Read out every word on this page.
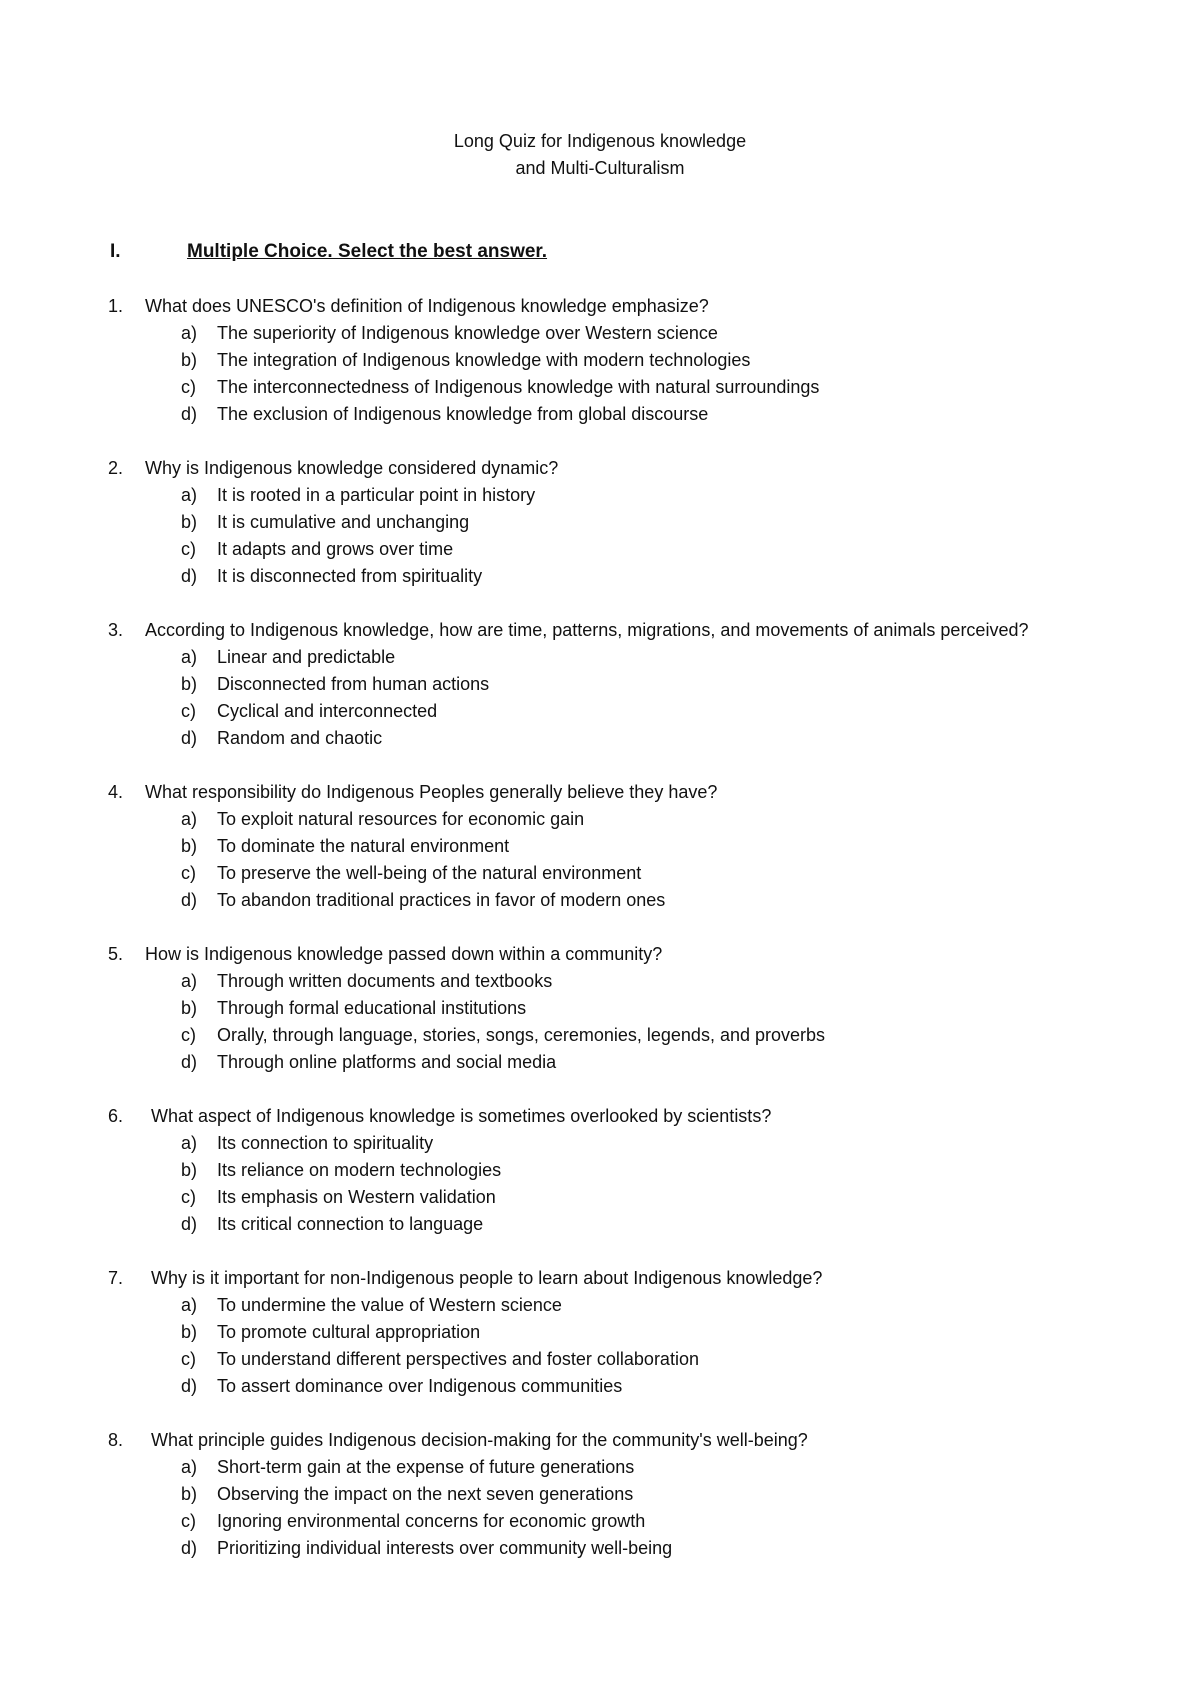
Long Quiz for Indigenous knowledge
and Multi-Culturalism
I.	Multiple Choice. Select the best answer.
1.	What does UNESCO's definition of Indigenous knowledge emphasize?
a)	The superiority of Indigenous knowledge over Western science
b)	The integration of Indigenous knowledge with modern technologies
c)	The interconnectedness of Indigenous knowledge with natural surroundings
d)	The exclusion of Indigenous knowledge from global discourse
2.	Why is Indigenous knowledge considered dynamic?
a)	It is rooted in a particular point in history
b)	It is cumulative and unchanging
c)	It adapts and grows over time
d)	It is disconnected from spirituality
3.	According to Indigenous knowledge, how are time, patterns, migrations, and movements of animals perceived?
a)	Linear and predictable
b)	Disconnected from human actions
c)	Cyclical and interconnected
d)	Random and chaotic
4.	What responsibility do Indigenous Peoples generally believe they have?
a)	To exploit natural resources for economic gain
b)	To dominate the natural environment
c)	To preserve the well-being of the natural environment
d)	To abandon traditional practices in favor of modern ones
5.	How is Indigenous knowledge passed down within a community?
a)	Through written documents and textbooks
b)	Through formal educational institutions
c)	Orally, through language, stories, songs, ceremonies, legends, and proverbs
d)	Through online platforms and social media
6.	What aspect of Indigenous knowledge is sometimes overlooked by scientists?
a)	Its connection to spirituality
b)	Its reliance on modern technologies
c)	Its emphasis on Western validation
d)	Its critical connection to language
7.	Why is it important for non-Indigenous people to learn about Indigenous knowledge?
a)	To undermine the value of Western science
b)	To promote cultural appropriation
c)	To understand different perspectives and foster collaboration
d)	To assert dominance over Indigenous communities
8.	What principle guides Indigenous decision-making for the community's well-being?
a)	Short-term gain at the expense of future generations
b)	Observing the impact on the next seven generations
c)	Ignoring environmental concerns for economic growth
d)	Prioritizing individual interests over community well-being
